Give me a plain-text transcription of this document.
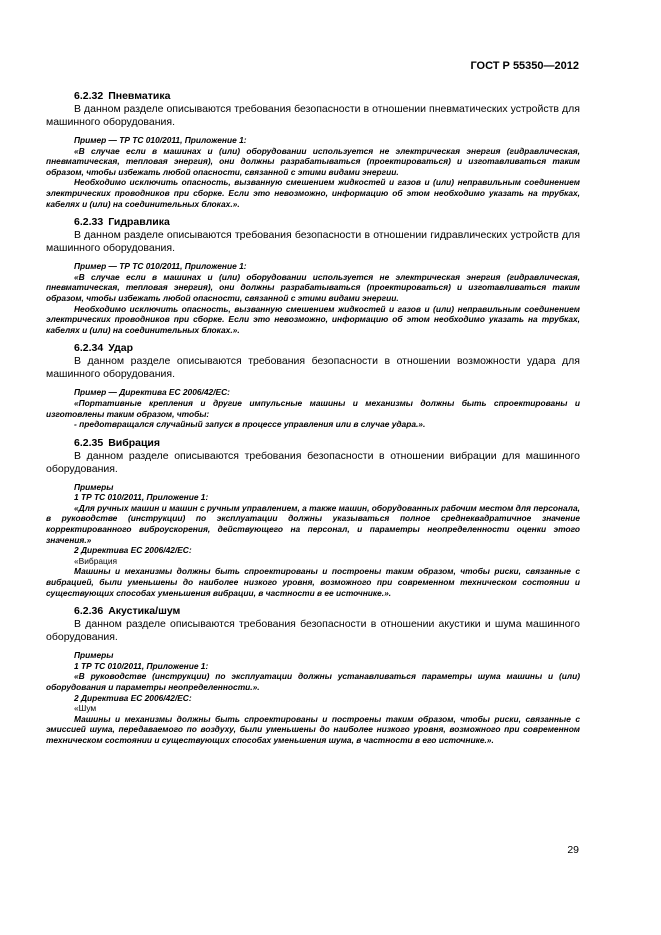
ГОСТ Р 55350—2012
6.2.32 Пневматика

В данном разделе описываются требования безопасности в отношении пневматических устройств для машинного оборудования.

Пример — ТР ТС 010/2011, Приложение 1:

«В случае если в машинах и (или) оборудовании используется не электрическая энергия (гидравлическая, пневматическая, тепловая энергия), они должны разрабатываться (проектироваться) и изготавливаться таким образом, чтобы избежать любой опасности, связанной с этими видами энергии.

Необходимо исключить опасность, вызванную смешением жидкостей и газов и (или) неправильным соединением электрических проводников при сборке. Если это невозможно, информацию об этом необходимо указать на трубках, кабелях и (или) на соединительных блоках.».

6.2.33 Гидравлика

В данном разделе описываются требования безопасности в отношении гидравлических устройств для машинного оборудования.

Пример — ТР ТС 010/2011, Приложение 1:

«В случае если в машинах и (или) оборудовании используется не электрическая энергия (гидравлическая, пневматическая, тепловая энергия), они должны разрабатываться (проектироваться) и изготавливаться таким образом, чтобы избежать любой опасности, связанной с этими видами энергии.

Необходимо исключить опасность, вызванную смешением жидкостей и газов и (или) неправильным соединением электрических проводников при сборке. Если это невозможно, информацию об этом необходимо указать на трубках, кабелях и (или) на соединительных блоках.».

6.2.34 Удар

В данном разделе описываются требования безопасности в отношении возможности удара для машинного оборудования.

Пример — Директива ЕС 2006/42/ЕС:

«Портативные крепления и другие импульсные машины и механизмы должны быть спроектированы и изготовлены таким образом, чтобы:

- предотвращался случайный запуск в процессе управления или в случае удара.».

6.2.35 Вибрация

В данном разделе описываются требования безопасности в отношении вибрации для машинного оборудования.

Примеры

1 ТР ТС 010/2011, Приложение 1:

«Для ручных машин и машин с ручным управлением, а также машин, оборудованных рабочим местом для персонала, в руководстве (инструкции) по эксплуатации должны указываться полное среднеквадратичное значение корректированного виброускорения, действующего на персонал, и параметры неопределенности оценки этого значения.»

2 Директива ЕС 2006/42/ЕС:

«Вибрация

Машины и механизмы должны быть спроектированы и построены таким образом, чтобы риски, связанные с вибрацией, были уменьшены до наиболее низкого уровня, возможного при современном техническом состоянии и существующих способах уменьшения вибрации, в частности в ее источнике.».

6.2.36 Акустика/шум

В данном разделе описываются требования безопасности в отношении акустики и шума машинного оборудования.

Примеры

1 ТР ТС 010/2011, Приложение 1:

«В руководстве (инструкции) по эксплуатации должны устанавливаться параметры шума машины и (или) оборудования и параметры неопределенности.».

2 Директива ЕС 2006/42/ЕС:

«Шум

Машины и механизмы должны быть спроектированы и построены таким образом, чтобы риски, связанные с эмиссией шума, передаваемого по воздуху, были уменьшены до наиболее низкого уровня, возможного при современном техническом состоянии и существующих способах уменьшения шума, в частности в его источнике.».

29
